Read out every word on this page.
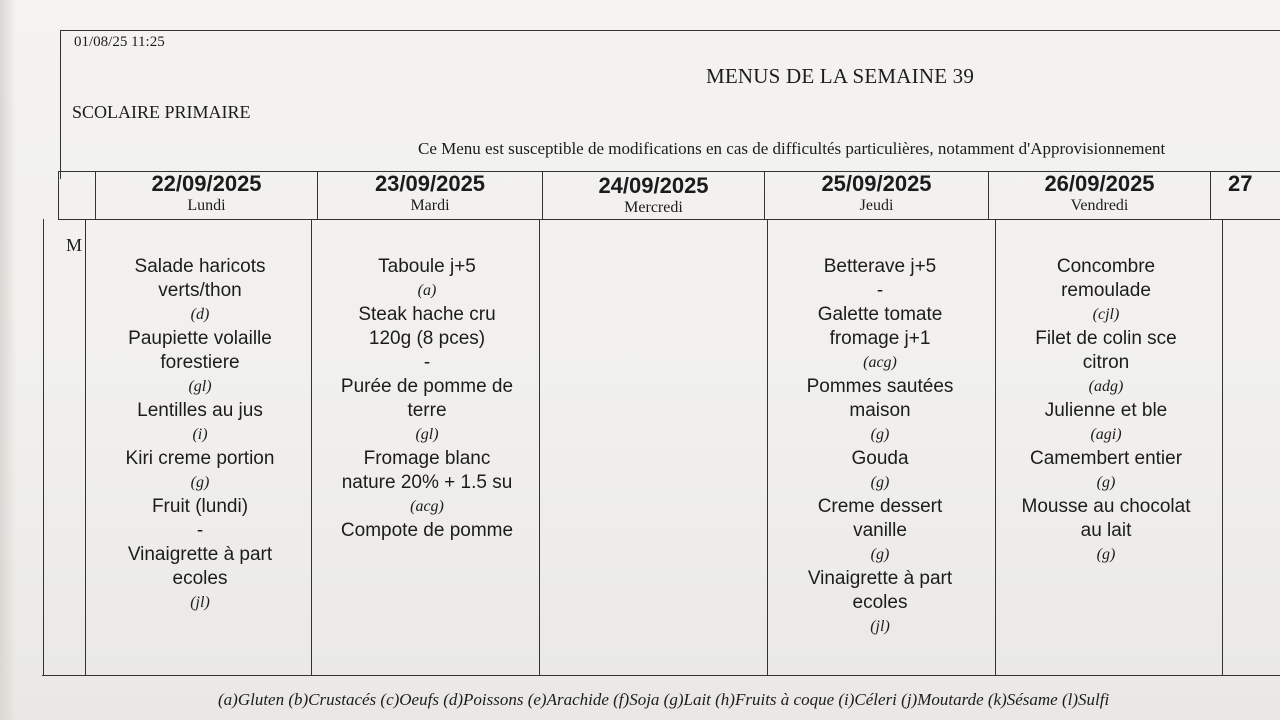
01/08/25 11:25
MENUS DE LA SEMAINE 39
SCOLAIRE PRIMAIRE
Ce Menu est susceptible de modifications en cas de difficultés particulières, notamment d'Approvisionnement
22/09/2025
Lundi
23/09/2025
Mardi
24/09/2025
Mercredi
25/09/2025
Jeudi
26/09/2025
Vendredi
27
M
Salade haricots
verts/thon
(d)
Paupiette volaille
forestiere
(gl)
Lentilles au jus
(i)
Kiri creme portion
(g)
Fruit (lundi)
-
Vinaigrette à part
ecoles
(jl)
Taboule j+5
(a)
Steak hache cru
120g (8 pces)
-
Purée de pomme de
terre
(gl)
Fromage blanc
nature 20% + 1.5 su
(acg)
Compote de pomme
Betterave j+5
-
Galette tomate
fromage j+1
(acg)
Pommes sautées
maison
(g)
Gouda
(g)
Creme dessert
vanille
(g)
Vinaigrette à part
ecoles
(jl)
Concombre
remoulade
(cjl)
Filet de colin sce
citron
(adg)
Julienne et ble
(agi)
Camembert entier
(g)
Mousse au chocolat
au lait
(g)
(a)Gluten (b)Crustacés (c)Oeufs (d)Poissons (e)Arachide (f)Soja (g)Lait (h)Fruits à coque (i)Céleri (j)Moutarde (k)Sésame (l)Sulfi
